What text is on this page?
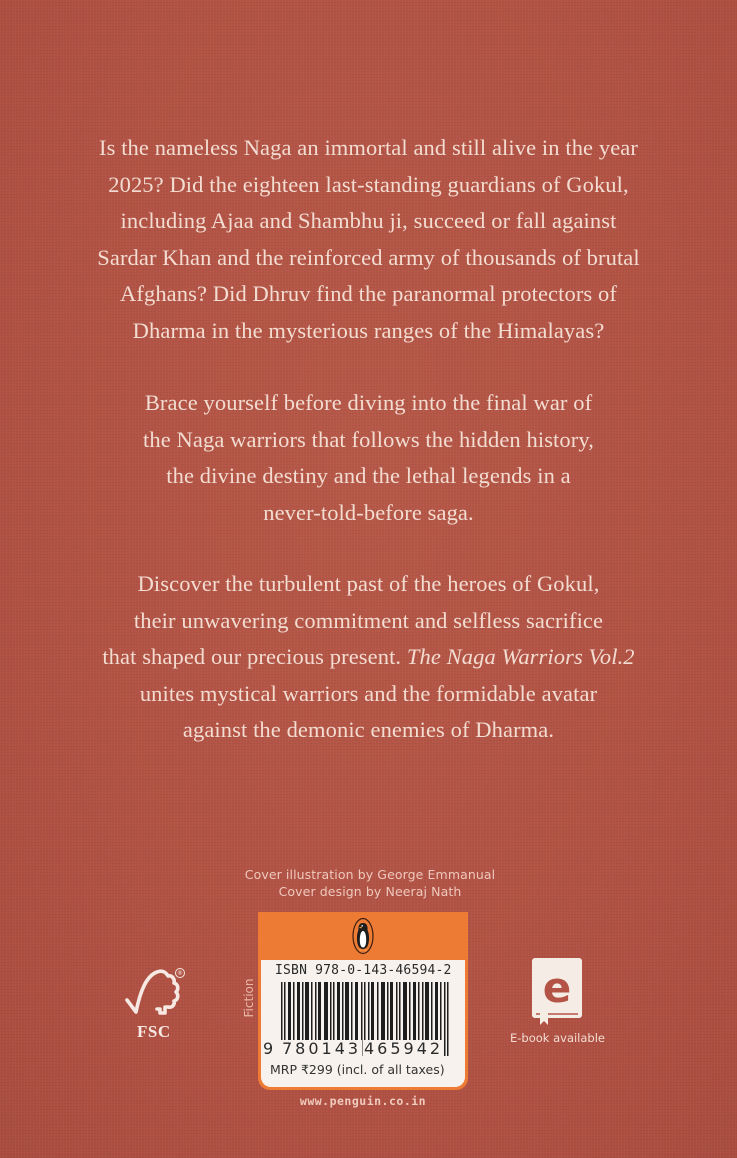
Is the nameless Naga an immortal and still alive in the year

2025? Did the eighteen last-standing guardians of Gokul,

including Ajaa and Shambhu ji, succeed or fall against

Sardar Khan and the reinforced army of thousands of brutal

Afghans? Did Dhruv find the paranormal protectors of

Dharma in the mysterious ranges of the Himalayas?

Brace yourself before diving into the final war of

the Naga warriors that follows the hidden history,

the divine destiny and the lethal legends in a

never-told-before saga.

Discover the turbulent past of the heroes of Gokul,

their unwavering commitment and selfless sacrifice

that shaped our precious present. The Naga Warriors Vol.2

unites mystical warriors and the formidable avatar

against the demonic enemies of Dharma.

Cover illustration by George Emmanual
Cover design by Neeraj Nath
Fiction
ISBN 978-0-143-46594-2
9 780143 465942
MRP ₹299 (incl. of all taxes)
www.penguin.co.in
®
FSC
e
E-book available
